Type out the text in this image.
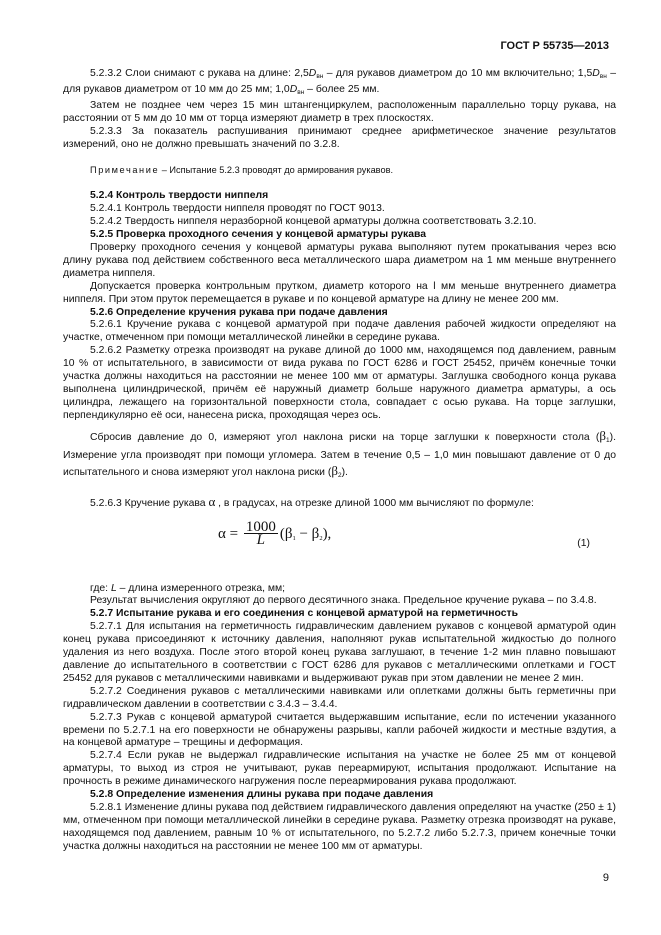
ГОСТ Р 55735—2013

5.2.3.2 Слои снимают с рукава на длине: $2,5D_{вн}$ – для рукавов диаметром до 10 мм включительно; $1,5D_{вн}$ – для рукавов диаметром от 10 мм до 25 мм; $1,0D_{вн}$ – более 25 мм.

Затем не позднее чем через 15 мин штангенциркулем, расположенным параллельно торцу рукава, на расстоянии от 5 мм до 10 мм от торца измеряют диаметр в трех плоскостях.

5.2.3.3 За показатель распушивания принимают среднее арифметическое значение результатов измерений, оно не должно превышать значений по 3.2.8.

Примечание – Испытание 5.2.3 проводят до армирования рукавов.

5.2.4 Контроль твердости ниппеля

5.2.4.1 Контроль твердости ниппеля проводят по ГОСТ 9013.

5.2.4.2 Твердость ниппеля неразборной концевой арматуры должна соответствовать 3.2.10.

5.2.5 Проверка проходного сечения у концевой арматуры рукава

Проверку проходного сечения у концевой арматуры рукава выполняют путем прокатывания через всю длину рукава под действием собственного веса металлического шара диаметром на 1 мм меньше внутреннего диаметра ниппеля.

Допускается проверка контрольным прутком, диаметр которого на l мм меньше внутреннего диаметра ниппеля. При этом пруток перемещается в рукаве и по концевой арматуре на длину не менее 200 мм.

5.2.6 Определение кручения рукава при подаче давления

5.2.6.1 Кручение рукава с концевой арматурой при подаче давления рабочей жидкости определяют на участке, отмеченном при помощи металлической линейки в середине рукава.

5.2.6.2 Разметку отрезка производят на рукаве длиной до 1000 мм, находящемся под давлением, равным 10 % от испытательного, в зависимости от вида рукава по ГОСТ 6286 и ГОСТ 25452, причём конечные точки участка должны находиться на расстоянии не менее 100 мм от арматуры. Заглушка свободного конца рукава выполнена цилиндрической, причём её наружный диаметр больше наружного диаметра арматуры, а ось цилиндра, лежащего на горизонтальной поверхности стола, совпадает с осью рукава. На торце заглушки, перпендикулярно её оси, нанесена риска, проходящая через ось.

Сбросив давление до 0, измеряют угол наклона риски на торце заглушки к поверхности стола $(\beta_1)$. Измерение угла производят при помощи угломера. Затем в течение 0,5 – 1,0 мин повышают давление от 0 до испытательного и снова измеряют угол наклона риски $(\beta_2)$.

5.2.6.3 Кручение рукава α , в градусах, на отрезке длиной 1000 мм вычисляют по формуле:

$\alpha = \frac{1000}{L} (\beta_1 - \beta_2)$,
(1)

где: L – длина измеренного отрезка, мм;

Результат вычисления округляют до первого десятичного знака. Предельное кручение рукава – по 3.4.8.

5.2.7 Испытание рукава и его соединения с концевой арматурой на герметичность

5.2.7.1 Для испытания на герметичность гидравлическим давлением рукавов с концевой арматурой один конец рукава присоединяют к источнику давления, наполняют рукав испытательной жидкостью до полного удаления из него воздуха. После этого второй конец рукава заглушают, в течение 1-2 мин плавно повышают давление до испытательного в соответствии с ГОСТ 6286 для рукавов с металлическими оплетками и ГОСТ 25452 для рукавов с металлическими навивками и выдерживают рукав при этом давлении не менее 2 мин.

5.2.7.2 Соединения рукавов с металлическими навивками или оплетками должны быть герметичны при гидравлическом давлении в соответствии с 3.4.3 – 3.4.4.

5.2.7.3 Рукав с концевой арматурой считается выдержавшим испытание, если по истечении указанного времени по 5.2.7.1 на его поверхности не обнаружены разрывы, капли рабочей жидкости и местные вздутия, а на концевой арматуре – трещины и деформация.

5.2.7.4 Если рукав не выдержал гидравлические испытания на участке не более 25 мм от концевой арматуры, то выход из строя не учитывают, рукав переармируют, испытания продолжают. Испытание на прочность в режиме динамического нагружения после переармирования рукава продолжают.

5.2.8 Определение изменения длины рукава при подаче давления

5.2.8.1 Изменение длины рукава под действием гидравлического давления определяют на участке (250 ± 1) мм, отмеченном при помощи металлической линейки в середине рукава. Разметку отрезка производят на рукаве, находящемся под давлением, равным 10 % от испытательного, по 5.2.7.2 либо 5.2.7.3, причем конечные точки участка должны находиться на расстоянии не менее 100 мм от арматуры.

9
